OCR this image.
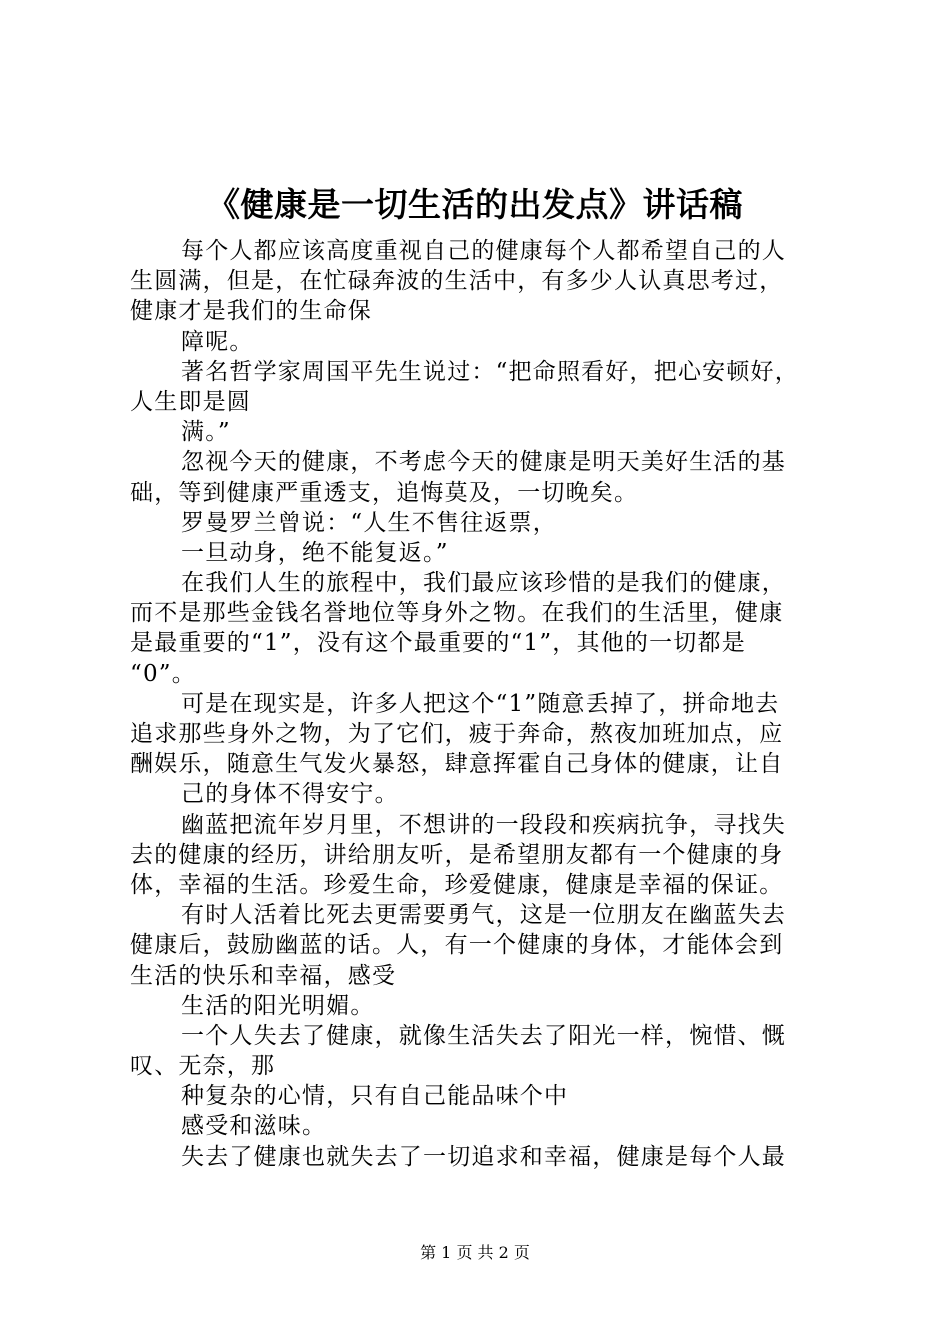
《健康是一切生活的出发点》讲话稿
每个人都应该高度重视自己的健康每个人都希望自己的人
生圆满，但是，在忙碌奔波的生活中，有多少人认真思考过，
健康才是我们的生命保
障呢。
著名哲学家周国平先生说过：“把命照看好，把心安顿好，
人生即是圆
满。”
忽视今天的健康，不考虑今天的健康是明天美好生活的基
础，等到健康严重透支，追悔莫及，一切晚矣。
罗曼罗兰曾说：“人生不售往返票，
一旦动身，绝不能复返。”
在我们人生的旅程中，我们最应该珍惜的是我们的健康，
而不是那些金钱名誉地位等身外之物。在我们的生活里，健康
是最重要的“1”，没有这个最重要的“1”，其他的一切都是
“0”。
可是在现实是，许多人把这个“1”随意丢掉了，拼命地去
追求那些身外之物，为了它们，疲于奔命，熬夜加班加点，应
酬娱乐，随意生气发火暴怒，肆意挥霍自己身体的健康，让自
己的身体不得安宁。
幽蓝把流年岁月里，不想讲的一段段和疾病抗争，寻找失
去的健康的经历，讲给朋友听，是希望朋友都有一个健康的身
体，幸福的生活。珍爱生命，珍爱健康，健康是幸福的保证。
有时人活着比死去更需要勇气，这是一位朋友在幽蓝失去
健康后，鼓励幽蓝的话。人，有一个健康的身体，才能体会到
生活的快乐和幸福，感受
生活的阳光明媚。
一个人失去了健康，就像生活失去了阳光一样，惋惜、慨
叹、无奈，那
种复杂的心情，只有自己能品味个中
感受和滋味。
失去了健康也就失去了一切追求和幸福，健康是每个人最
第 1 页 共 2 页
